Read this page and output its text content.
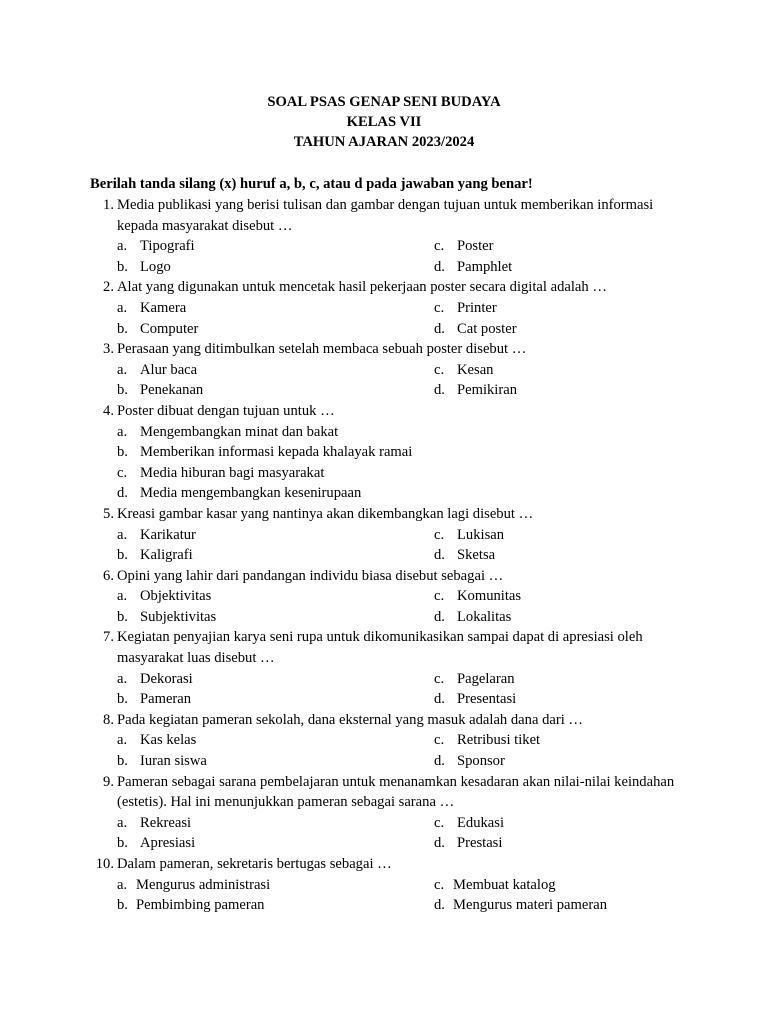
SOAL PSAS GENAP SENI BUDAYA
KELAS VII
TAHUN AJARAN 2023/2024
Berilah tanda silang (x) huruf a, b, c, atau d pada jawaban yang benar!
1. Media publikasi yang berisi tulisan dan gambar dengan tujuan untuk memberikan informasi kepada masyarakat disebut …
a. Tipografi	c. Poster
b. Logo	d. Pamphlet
2. Alat yang digunakan untuk mencetak hasil pekerjaan poster secara digital adalah …
a. Kamera	c. Printer
b. Computer	d. Cat poster
3. Perasaan yang ditimbulkan setelah membaca sebuah poster disebut …
a. Alur baca	c. Kesan
b. Penekanan	d. Pemikiran
4. Poster dibuat dengan tujuan untuk …
a. Mengembangkan minat dan bakat
b. Memberikan informasi kepada khalayak ramai
c. Media hiburan bagi masyarakat
d. Media mengembangkan kesenirupaan
5. Kreasi gambar kasar yang nantinya akan dikembangkan lagi disebut …
a. Karikatur	c. Lukisan
b. Kaligrafi	d. Sketsa
6. Opini yang lahir dari pandangan individu biasa disebut sebagai …
a. Objektivitas	c. Komunitas
b. Subjektivitas	d. Lokalitas
7. Kegiatan penyajian karya seni rupa untuk dikomunikasikan sampai dapat di apresiasi oleh masyarakat luas disebut …
a. Dekorasi	c. Pagelaran
b. Pameran	d. Presentasi
8. Pada kegiatan pameran sekolah, dana eksternal yang masuk adalah dana dari …
a. Kas kelas	c. Retribusi tiket
b. Iuran siswa	d. Sponsor
9. Pameran sebagai sarana pembelajaran untuk menanamkan kesadaran akan nilai-nilai keindahan (estetis). Hal ini menunjukkan pameran sebagai sarana …
a. Rekreasi	c. Edukasi
b. Apresiasi	d. Prestasi
10. Dalam pameran, sekretaris bertugas sebagai …
a. Mengurus administrasi	c. Membuat katalog
b. Pembimbing pameran	d. Mengurus materi pameran
